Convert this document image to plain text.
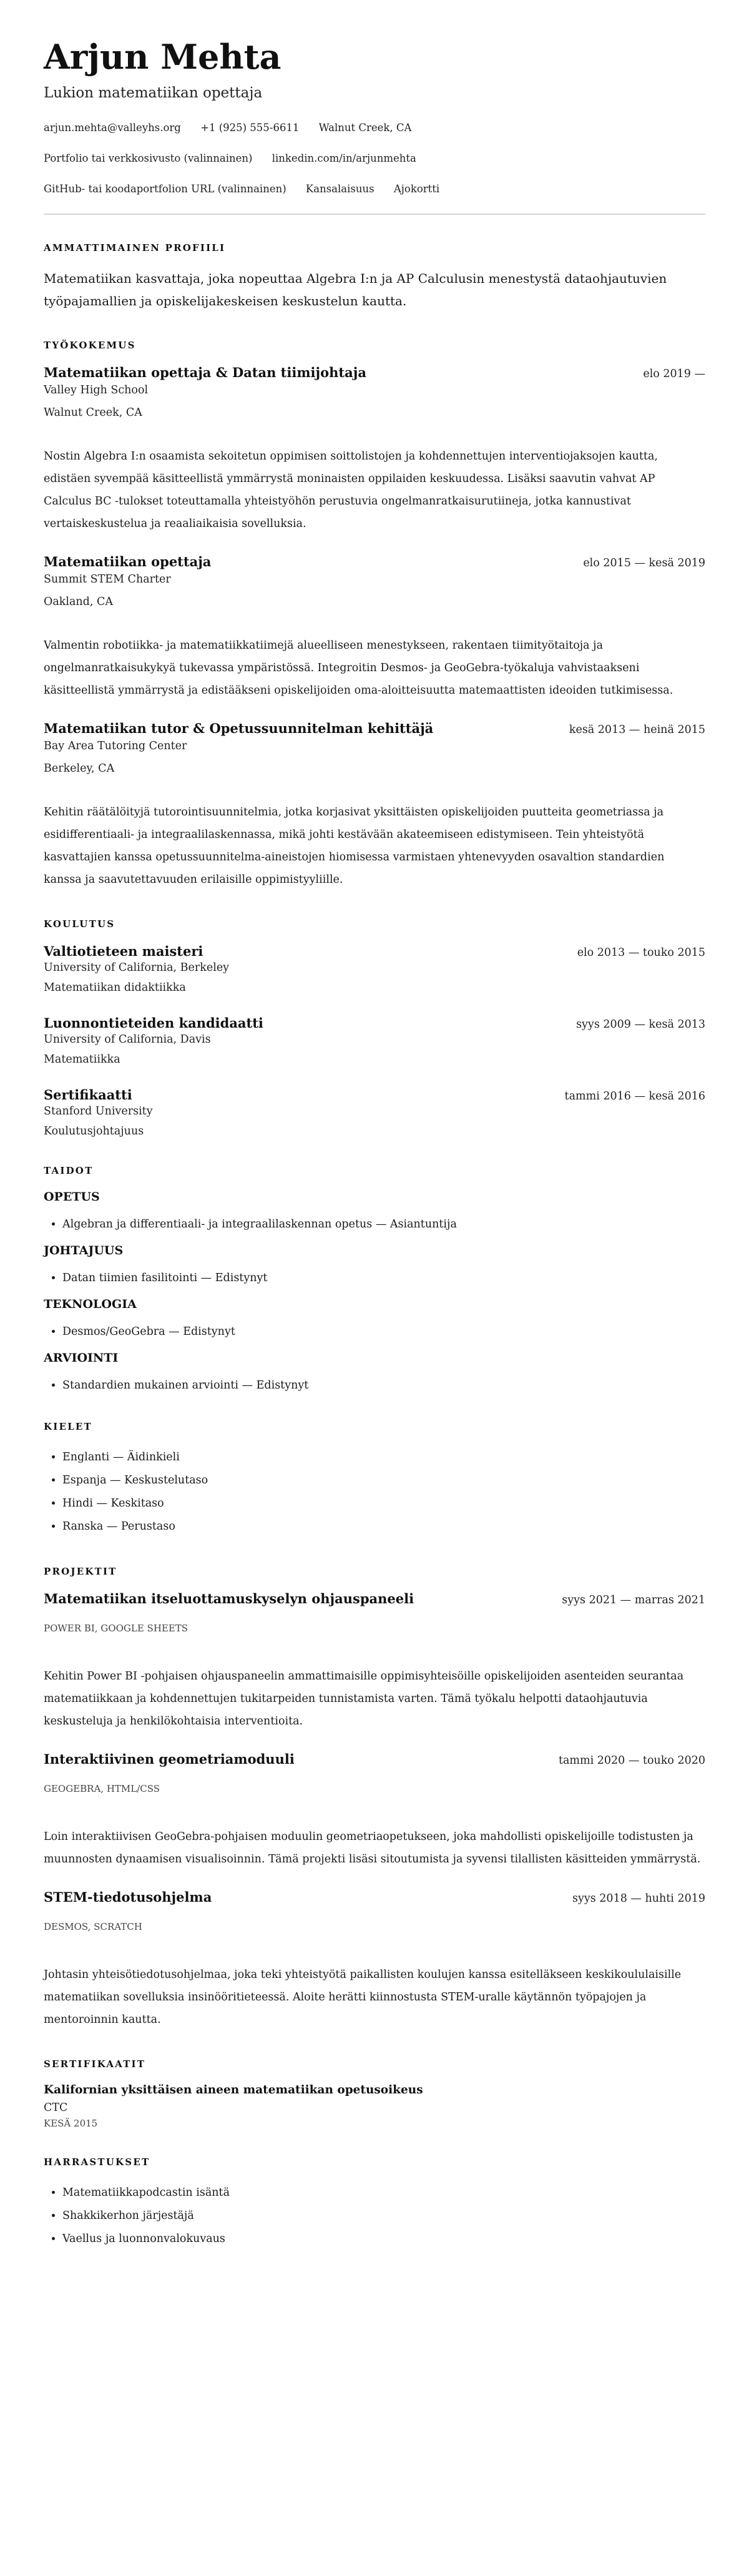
Arjun Mehta
Lukion matematiikan opettaja
arjun.mehta@valleyhs.org +1 (925) 555-6611 Walnut Creek, CA
Portfolio tai verkkosivusto (valinnainen) linkedin.com/in/arjunmehta
GitHub- tai koodaportfolion URL (valinnainen) Kansalaisuus Ajokortti
AMMATTIMAINEN PROFIILI

Matematiikan kasvattaja, joka nopeuttaa Algebra I:n ja AP Calculusin menestystä dataohjautuvien työpajamallien ja opiskelijakeskeisen keskustelun kautta.

TYÖKOKEMUS
Matematiikan opettaja & Datan tiimijohtaja	elo 2019 —
Valley High School
Walnut Creek, CA
Nostin Algebra I:n osaamista sekoitetun oppimisen soittolistojen ja kohdennettujen interventiojaksojen kautta, edistäen syvempää käsitteellistä ymmärrystä moninaisten oppilaiden keskuudessa. Lisäksi saavutin vahvat AP Calculus BC -tulokset toteuttamalla yhteistyöhön perustuvia ongelmanratkaisurutiineja, jotka kannustivat vertaiskeskustelua ja reaaliaikaisia sovelluksia.
Matematiikan opettaja	elo 2015 — kesä 2019
Summit STEM Charter
Oakland, CA
Valmentin robotiikka- ja matematiikkatiimejä alueelliseen menestykseen, rakentaen tiimityötaitoja ja ongelmanratkaisukykyä tukevassa ympäristössä. Integroitin Desmos- ja GeoGebra-työkaluja vahvistaakseni käsitteellistä ymmärrystä ja edistääkseni opiskelijoiden oma-aloitteisuutta matemaattisten ideoiden tutkimisessa.
Matematiikan tutor & Opetussuunnitelman kehittäjä	kesä 2013 — heinä 2015
Bay Area Tutoring Center
Berkeley, CA
Kehitin räätälöityjä tutorointisuunnitelmia, jotka korjasivat yksittäisten opiskelijoiden puutteita geometriassa ja esidifferentiaali- ja integraalilaskennassa, mikä johti kestävään akateemiseen edistymiseen. Tein yhteistyötä kasvattajien kanssa opetussuunnitelma-aineistojen hiomisessa varmistaen yhtenevyyden osavaltion standardien kanssa ja saavutettavuuden erilaisille oppimistyyliille.
KOULUTUS
Valtiotieteen maisteri	elo 2013 — touko 2015
University of California, Berkeley
Matematiikan didaktiikka
Luonnontieteiden kandidaatti	syys 2009 — kesä 2013
University of California, Davis
Matematiikka
Sertifikaatti	tammi 2016 — kesä 2016
Stanford University
Koulutusjohtajuus
TAIDOT
OPETUS
• Algebran ja differentiaali- ja integraalilaskennan opetus — Asiantuntija
JOHTAJUUS
• Datan tiimien fasilitointi — Edistynyt
TEKNOLOGIA
• Desmos/GeoGebra — Edistynyt
ARVIOINTI
• Standardien mukainen arviointi — Edistynyt
KIELET
• Englanti — Äidinkieli
• Espanja — Keskustelutaso
• Hindi — Keskitaso
• Ranska — Perustaso
PROJEKTIT
Matematiikan itseluottamuskyselyn ohjauspaneeli	syys 2021 — marras 2021
POWER BI, GOOGLE SHEETS
Kehitin Power BI -pohjaisen ohjauspaneelin ammattimaisille oppimisyhteisöille opiskelijoiden asenteiden seurantaa matematiikkaan ja kohdennettujen tukitarpeiden tunnistamista varten. Tämä työkalu helpotti dataohjautuvia keskusteluja ja henkilökohtaisia interventioita.
Interaktiivinen geometriamoduuli	tammi 2020 — touko 2020
GEOGEBRA, HTML/CSS
Loin interaktiivisen GeoGebra-pohjaisen moduulin geometriaopetukseen, joka mahdollisti opiskelijoille todistusten ja muunnosten dynaamisen visualisoinnin. Tämä projekti lisäsi sitoutumista ja syvensi tilallisten käsitteiden ymmärrystä.
STEM-tiedotusohjelma	syys 2018 — huhti 2019
DESMOS, SCRATCH
Johtasin yhteisötiedotusohjelmaa, joka teki yhteistyötä paikallisten koulujen kanssa esitelläkseen keskikoululaisille matematiikan sovelluksia insinööritieteessä. Aloite herätti kiinnostusta STEM-uralle käytännön työpajojen ja mentoroinnin kautta.
SERTIFIKAATIT
Kalifornian yksittäisen aineen matematiikan opetusoikeus
CTC
KESÄ 2015
HARRASTUKSET
• Matematiikkapodcastin isäntä
• Shakkikerhon järjestäjä
• Vaellus ja luonnonvalokuvaus
